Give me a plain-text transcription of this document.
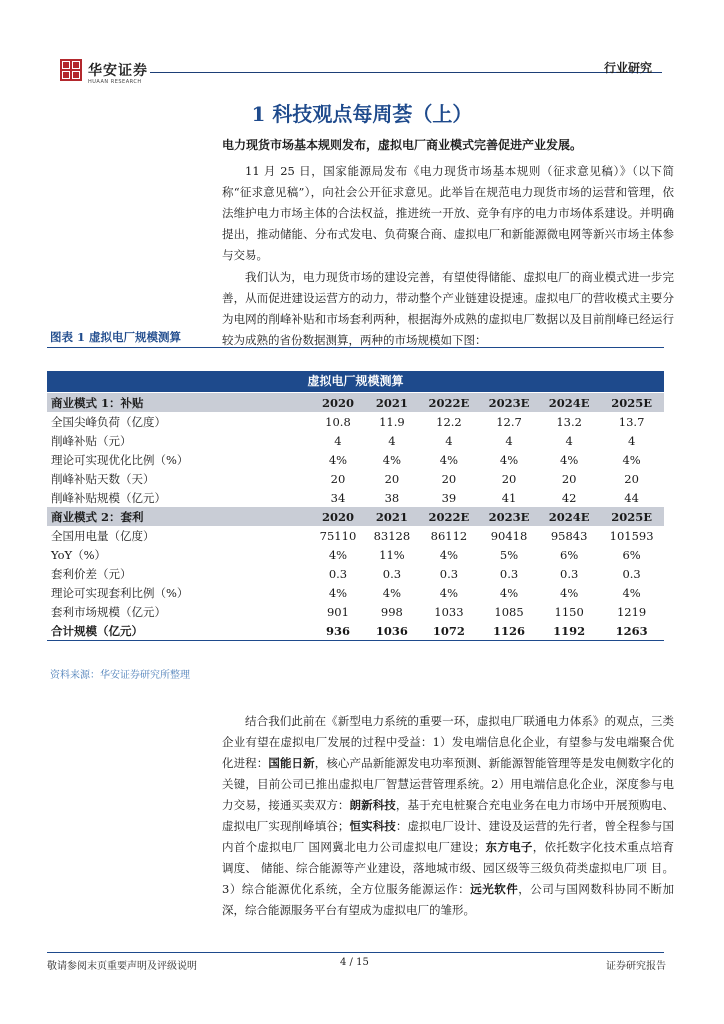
华安证券
HUAAN RESEARCH
行业研究
1 科技观点每周荟（上）
电力现货市场基本规则发布，虚拟电厂商业模式完善促进产业发展。
11 月 25 日，国家能源局发布《电力现货市场基本规则（征求意见稿）》（以下简称“征求意见稿”），向社会公开征求意见。此举旨在规范电力现货市场的运营和管理，依法维护电力市场主体的合法权益，推进统一开放、竞争有序的电力市场体系建设。并明确提出，推动储能、分布式发电、负荷聚合商、虚拟电厂和新能源微电网等新兴市场主体参与交易。
我们认为，电力现货市场的建设完善，有望使得储能、虚拟电厂的商业模式进一步完善，从而促进建设运营方的动力，带动整个产业链建设提速。虚拟电厂的营收模式主要分为电网的削峰补贴和市场套利两种，根据海外成熟的虚拟电厂数据以及目前削峰已经运行较为成熟的省份数据测算，两种的市场规模如下图：
图表 1 虚拟电厂规模测算
虚拟电厂规模测算
商业模式 1：补贴	2020	2021	2022E	2023E	2024E	2025E
全国尖峰负荷（亿度）	10.8	11.9	12.2	12.7	13.2	13.7
削峰补贴（元）	4	4	4	4	4	4
理论可实现优化比例（%）	4%	4%	4%	4%	4%	4%
削峰补贴天数（天）	20	20	20	20	20	20
削峰补贴规模（亿元）	34	38	39	41	42	44
商业模式 2：套利	2020	2021	2022E	2023E	2024E	2025E
全国用电量（亿度）	75110	83128	86112	90418	95843	101593
YoY（%）	4%	11%	4%	5%	6%	6%
套利价差（元）	0.3	0.3	0.3	0.3	0.3	0.3
理论可实现套利比例（%）	4%	4%	4%	4%	4%	4%
套利市场规模（亿元）	901	998	1033	1085	1150	1219
合计规模（亿元）	936	1036	1072	1126	1192	1263
资料来源：华安证券研究所整理
结合我们此前在《新型电力系统的重要一环，虚拟电厂联通电力体系》的观点，三类企业有望在虚拟电厂发展的过程中受益：1）发电端信息化企业，有望参与发电端聚合优化进程：国能日新，核心产品新能源发电功率预测、新能源智能管理等是发电侧数字化的关键，目前公司已推出虚拟电厂智慧运营管理系统。2）用电端信息化企业，深度参与电力交易，接通买卖双方：朗新科技，基于充电桩聚合充电业务在电力市场中开展预购电、虚拟电厂实现削峰填谷；恒实科技：虚拟电厂设计、建设及运营的先行者，曾全程参与国内首个虚拟电厂 国网冀北电力公司虚拟电厂建设；东方电子，依托数字化技术重点培育调度、 储能、综合能源等产业建设，落地城市级、园区级等三级负荷类虚拟电厂项 目。3）综合能源优化系统，全方位服务能源运作：远光软件，公司与国网数科协同不断加深，综合能源服务平台有望成为虚拟电厂的雏形。
敬请参阅末页重要声明及评级说明	4 / 15	证券研究报告
